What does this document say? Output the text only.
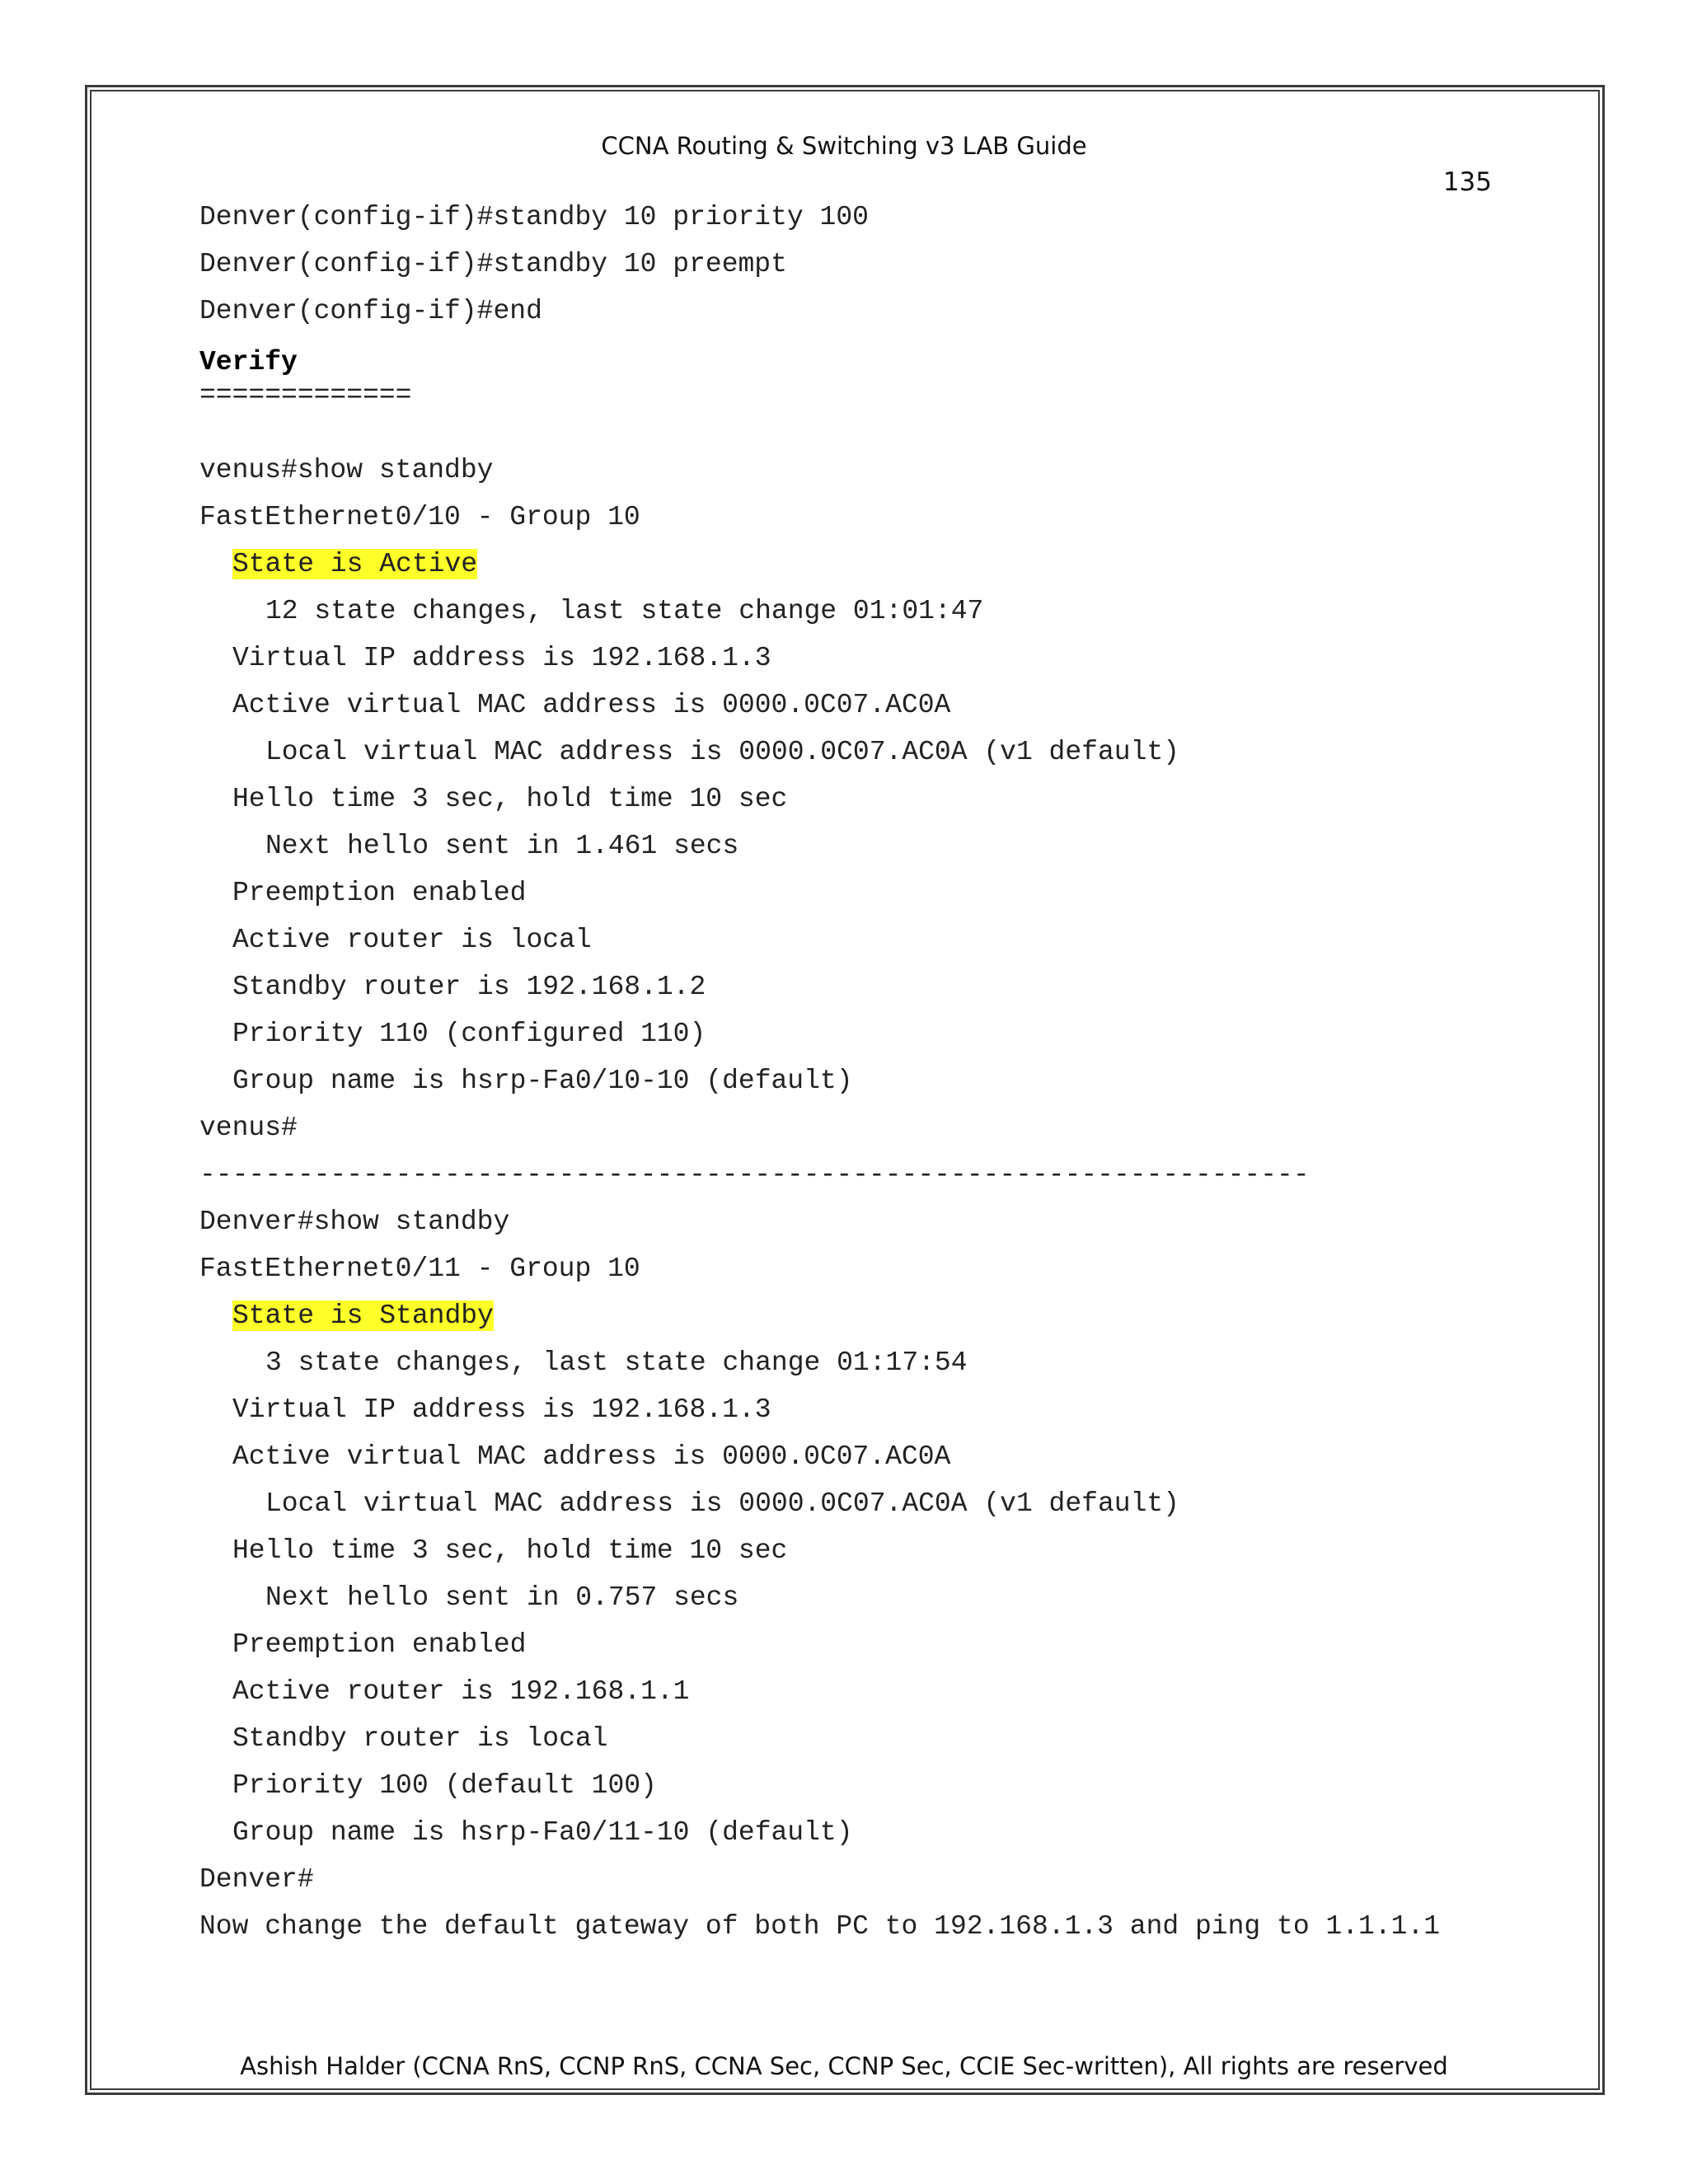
CCNA Routing & Switching v3 LAB Guide
135
Denver(config-if)#standby 10 priority 100
Denver(config-if)#standby 10 preempt
Denver(config-if)#end
Verify
=============
venus#show standby
FastEthernet0/10 - Group 10
State is Active
12 state changes, last state change 01:01:47
Virtual IP address is 192.168.1.3
Active virtual MAC address is 0000.0C07.AC0A
Local virtual MAC address is 0000.0C07.AC0A (v1 default)
Hello time 3 sec, hold time 10 sec
Next hello sent in 1.461 secs
Preemption enabled
Active router is local
Standby router is 192.168.1.2
Priority 110 (configured 110)
Group name is hsrp-Fa0/10-10 (default)
venus#
--------------------------------------------------------------------
Denver#show standby
FastEthernet0/11 - Group 10
State is Standby
3 state changes, last state change 01:17:54
Virtual IP address is 192.168.1.3
Active virtual MAC address is 0000.0C07.AC0A
Local virtual MAC address is 0000.0C07.AC0A (v1 default)
Hello time 3 sec, hold time 10 sec
Next hello sent in 0.757 secs
Preemption enabled
Active router is 192.168.1.1
Standby router is local
Priority 100 (default 100)
Group name is hsrp-Fa0/11-10 (default)
Denver#
Now change the default gateway of both PC to 192.168.1.3 and ping to 1.1.1.1
Ashish Halder (CCNA RnS, CCNP RnS, CCNA Sec, CCNP Sec, CCIE Sec-written), All rights are reserved
